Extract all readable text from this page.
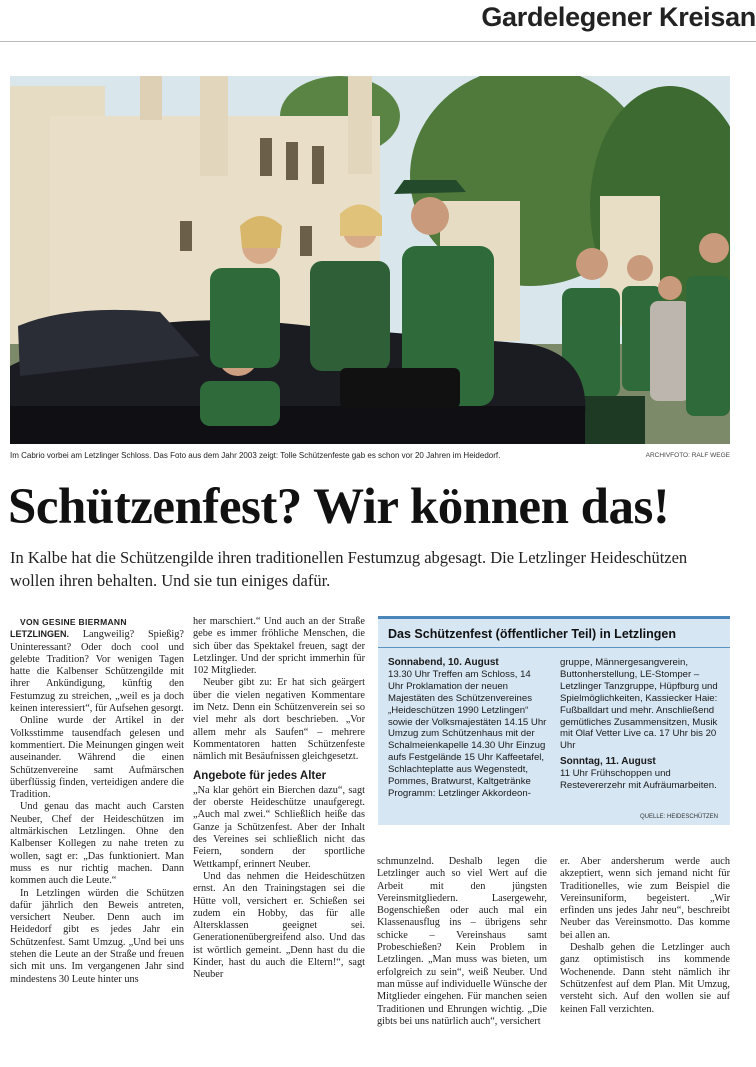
Gardelegener Kreisan
Im Cabrio vorbei am Letzlinger Schloss. Das Foto aus dem Jahr 2003 zeigt: Tolle Schützenfeste gab es schon vor 20 Jahren im Heidedorf.	ARCHIVFOTO: RALF WEGE
Schützenfest? Wir können das!
In Kalbe hat die Schützengilde ihren traditionellen Festumzug abgesagt. Die Letzlinger Heideschützen wollen ihren behalten. Und sie tun einiges dafür.

VON GESINE BIERMANN

LETZLINGEN. Langweilig? Spießig? Uninteressant? Oder doch cool und gelebte Tradition? Vor wenigen Tagen hatte die Kalbenser Schützengilde mit ihrer Ankündigung, künftig den Festumzug zu streichen, „weil es ja doch keinen interessiert“, für Aufsehen gesorgt.

Online wurde der Artikel in der Volksstimme tausendfach gelesen und kommentiert. Die Meinungen gingen weit auseinander. Während die einen Schützenvereine samt Aufmärschen überflüssig finden, verteidigen andere die Tradition.

Und genau das macht auch Carsten Neuber, Chef der Heideschützen im altmärkischen Letzlingen. Ohne den Kalbenser Kollegen zu nahe treten zu wollen, sagt er: „Das funktioniert. Man muss es nur richtig machen. Dann kommen auch die Leute.“

In Letzlingen würden die Schützen dafür jährlich den Beweis antreten, versichert Neuber. Denn auch im Heidedorf gibt es jedes Jahr ein Schützenfest. Samt Umzug. „Und bei uns stehen die Leute an der Straße und freuen sich mit uns. Im vergangenen Jahr sind mindestens 30 Leute hinter uns

her marschiert.“ Und auch an der Straße gebe es immer fröhliche Menschen, die sich über das Spektakel freuen, sagt der Letzlinger. Und der spricht immerhin für 102 Mitglieder.

Neuber gibt zu: Er hat sich geärgert über die vielen negativen Kommentare im Netz. Denn ein Schützenverein sei so viel mehr als dort beschrieben. „Vor allem mehr als Saufen“ – mehrere Kommentatoren hatten Schützenfeste nämlich mit Besäufnissen gleichgesetzt.

Angebote für jedes Alter

„Na klar gehört ein Bierchen dazu“, sagt der oberste Heideschütze unaufgeregt. „Auch mal zwei.“ Schließlich heiße das Ganze ja Schützenfest. Aber der Inhalt des Vereines sei schließlich nicht das Feiern, sondern der sportliche Wettkampf, erinnert Neuber.

Und das nehmen die Heideschützen ernst. An den Trainingstagen sei die Hütte voll, versichert er. Schießen sei zudem ein Hobby, das für alle Altersklassen geeignet sei. Generationenübergreifend also. Und das ist wörtlich gemeint. „Denn hast du die Kinder, hast du auch die Eltern!“, sagt Neuber

Das Schützenfest (öffentlicher Teil) in Letzlingen
Sonnabend, 10. August
13.30 Uhr Treffen am Schloss, 14 Uhr Proklamation der neuen Majestäten des Schützenvereines „Heideschützen 1990 Letzlingen“ sowie der Volksmajestäten 14.15 Uhr Umzug zum Schützenhaus mit der Schalmeienkapelle 14.30 Uhr Einzug aufs Festgelände 15 Uhr Kaffeetafel, Schlachteplatte aus Wegenstedt, Pommes, Bratwurst, Kaltgetränke Programm: Letzlinger Akkordeon-
gruppe, Männergesangverein, Buttonherstellung, LE-Stomper – Letzlinger Tanzgruppe, Hüpfburg und Spielmöglichkeiten, Kassiecker Haie: Fußballdart und mehr. Anschließend gemütliches Zusammensitzen, Musik mit Olaf Vetter Live ca. 17 Uhr bis 20 Uhr
Sonntag, 11. August
11 Uhr Frühschoppen und Restevererzehr mit Aufräumarbeiten.
QUELLE: HEIDESCHÜTZEN

schmunzelnd. Deshalb legen die Letzlinger auch so viel Wert auf die Arbeit mit den jüngsten Vereinsmitgliedern. Lasergewehr, Bogenschießen oder auch mal ein Klassenausflug ins – übrigens sehr schicke – Vereinshaus samt Probeschießen? Kein Problem in Letzlingen. „Man muss was bieten, um erfolgreich zu sein“, weiß Neuber. Und man müsse auf individuelle Wünsche der Mitglieder eingehen. Für manchen seien Traditionen und Ehrungen wichtig. „Die gibts bei uns natürlich auch“, versichert

er. Aber andersherum werde auch akzeptiert, wenn sich jemand nicht für Traditionelles, wie zum Beispiel die Vereinsuniform, begeistert. „Wir erfinden uns jedes Jahr neu“, beschreibt Neuber das Vereinsmotto. Das komme bei allen an.

Deshalb gehen die Letzlinger auch ganz optimistisch ins kommende Wochenende. Dann steht nämlich ihr Schützenfest auf dem Plan. Mit Umzug, versteht sich. Auf den wollen sie auf keinen Fall verzichten.
